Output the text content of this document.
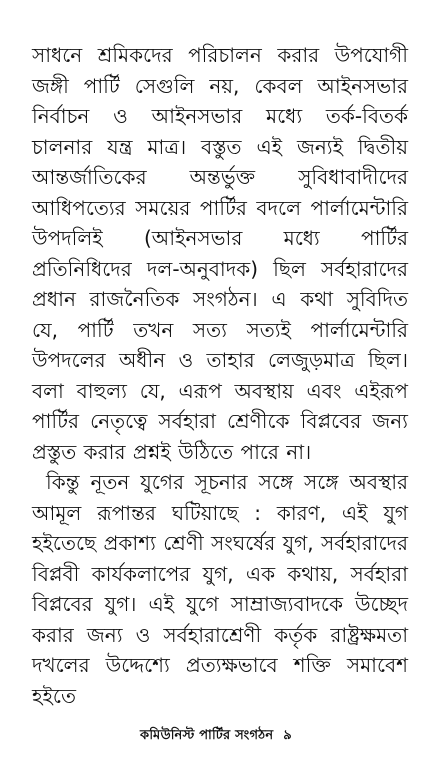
সাধনে শ্রমিকদের পরিচালন করার উপযোগী জঙ্গী পার্টি সেগুলি নয়, কেবল আইনসভার নির্বাচন ও আইনসভার মধ্যে তর্ক-বিতর্ক চালনার যন্ত্র মাত্র। বস্তুত এই জন্যই দ্বিতীয় আন্তর্জাতিকের অন্তর্ভুক্ত সুবিধাবাদীদের আধিপত্যের সময়ের পার্টির বদলে পার্লামেন্টারি উপদলিই (আইনসভার মধ্যে পার্টির প্রতিনিধিদের দল-অনুবাদক) ছিল সর্বহারাদের প্রধান রাজনৈতিক সংগঠন। এ কথা সুবিদিত যে, পার্টি তখন সত্য সত্যই পার্লামেন্টারি উপদলের অধীন ও তাহার লেজুড়মাত্র ছিল। বলা বাহুল্য যে, এরূপ অবস্থায় এবং এইরূপ পার্টির নেতৃত্বে সর্বহারা শ্রেণীকে বিপ্লবের জন্য প্রস্তুত করার প্রশ্নই উঠিতে পারে না।

কিন্তু নূতন যুগের সূচনার সঙ্গে সঙ্গে অবস্থার আমূল রূপান্তর ঘটিয়াছে : কারণ, এই যুগ হইতেছে প্রকাশ্য শ্রেণী সংঘর্ষের যুগ, সর্বহারাদের বিপ্লবী কার্যকলাপের যুগ, এক কথায়, সর্বহারা বিপ্লবের যুগ। এই যুগে সাম্রাজ্যবাদকে উচ্ছেদ করার জন্য ও সর্বহারাশ্রেণী কর্তৃক রাষ্ট্রক্ষমতা দখলের উদ্দেশ্যে প্রত্যক্ষভাবে শক্তি সমাবেশ হইতে

কমিউনিস্ট পার্টির সংগঠন ৯
